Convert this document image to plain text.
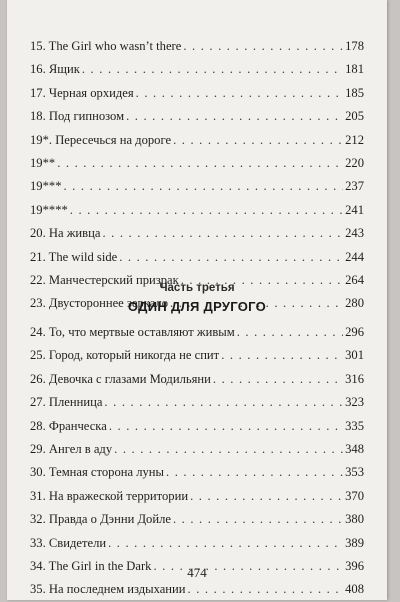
15. The Girl who wasn’t there . . .	178
16. Ящик . . .	181
17. Черная орхидея . . .	185
18. Под гипнозом . . .	205
19*. Пересечься на дороге . . .	212
19** . . .	220
19*** . . .	237
19**** . . .	241
20. На живца . . .	243
21. The wild side . . .	244
22. Манчестерский призрак . . .	264
23. Двустороннее зеркало . . .	280
Часть третья
ОДИН ДЛЯ ДРУГОГО
24. То, что мертвые оставляют живым . . .	296
25. Город, который никогда не спит . . .	301
26. Девочка с глазами Модильяни . . .	316
27. Пленница . . .	323
28. Франческа . . .	335
29. Ангел в аду . . .	348
30. Темная сторона луны . . .	353
31. На вражеской территории . . .	370
32. Правда о Дэнни Дойле . . .	380
33. Свидетели . . .	389
34. The Girl in the Dark . . .	396
35. На последнем издыхании . . .	408
474
